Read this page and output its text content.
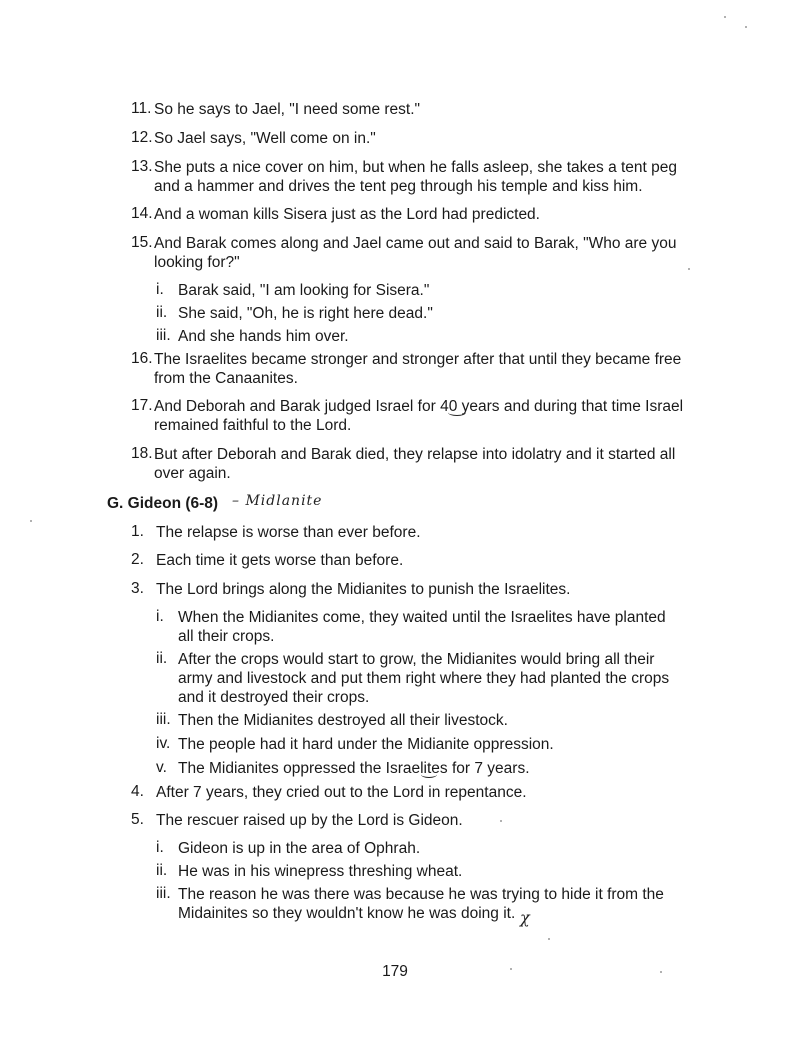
11. So he says to Jael, "I need some rest."
12. So Jael says, "Well come on in."
13. She puts a nice cover on him, but when he falls asleep, she takes a tent peg
and a hammer and drives the tent peg through his temple and kiss him.
14. And a woman kills Sisera just as the Lord had predicted.
15. And Barak comes along and Jael came out and said to Barak, "Who are you
looking for?"
i. Barak said, "I am looking for Sisera."
ii. She said, "Oh, he is right here dead."
iii. And she hands him over.
16. The Israelites became stronger and stronger after that until they became free
from the Canaanites.
17. And Deborah and Barak judged Israel for 40 years and during that time Israel
remained faithful to the Lord.
18. But after Deborah and Barak died, they relapse into idolatry and it started all
over again.
G. Gideon (6-8) – Midlanite
1. The relapse is worse than ever before.
2. Each time it gets worse than before.
3. The Lord brings along the Midianites to punish the Israelites.
i. When the Midianites come, they waited until the Israelites have planted
all their crops.
ii. After the crops would start to grow, the Midianites would bring all their
army and livestock and put them right where they had planted the crops
and it destroyed their crops.
iii. Then the Midianites destroyed all their livestock.
iv. The people had it hard under the Midianite oppression.
v. The Midianites oppressed the Israelites for 7 years.
4. After 7 years, they cried out to the Lord in repentance.
5. The rescuer raised up by the Lord is Gideon.
i. Gideon is up in the area of Ophrah.
ii. He was in his winepress threshing wheat.
iii. The reason he was there was because he was trying to hide it from the
Midainites so they wouldn't know he was doing it. χ
179
